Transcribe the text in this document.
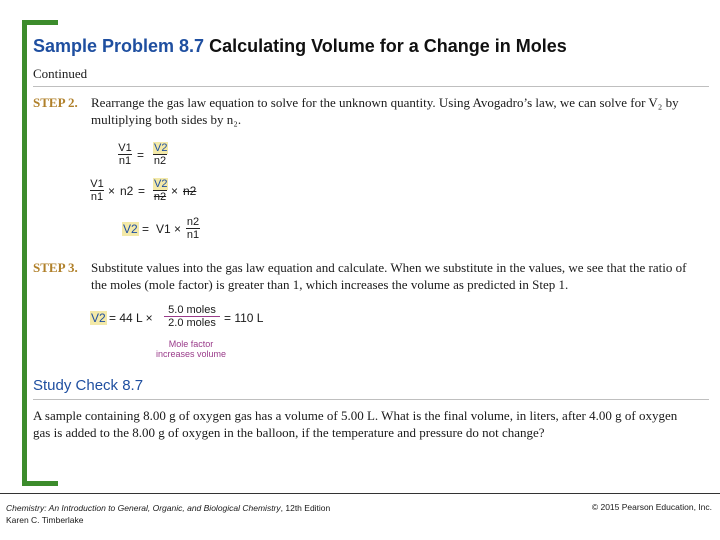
Sample Problem 8.7 Calculating Volume for a Change in Moles
Continued
STEP 2. Rearrange the gas law equation to solve for the unknown quantity. Using Avogadro’s law, we can solve for V₂ by multiplying both sides by n₂.
$\frac{V1}{n1} = \frac{V2}{n2}$
$\frac{V1}{n1} \times n2 = \frac{V2}{n2} \times n2$
$V2 = V1 \times \frac{n2}{n1}$
STEP 3. Substitute values into the gas law equation and calculate. When we substitute in the values, we see that the ratio of the moles (mole factor) is greater than 1, which increases the volume as predicted in Step 1.
V2 = 44 L ×
5.0 moles
2.0 moles = 110 L
Mole factor
increases volume
Study Check 8.7
A sample containing 8.00 g of oxygen gas has a volume of 5.00 L. What is the final volume, in liters, after 4.00 g of oxygen gas is added to the 8.00 g of oxygen in the balloon, if the temperature and pressure do not change?
Chemistry: An Introduction to General, Organic, and Biological Chemistry, 12th Edition
Karen C. Timberlake
© 2015 Pearson Education, Inc.
